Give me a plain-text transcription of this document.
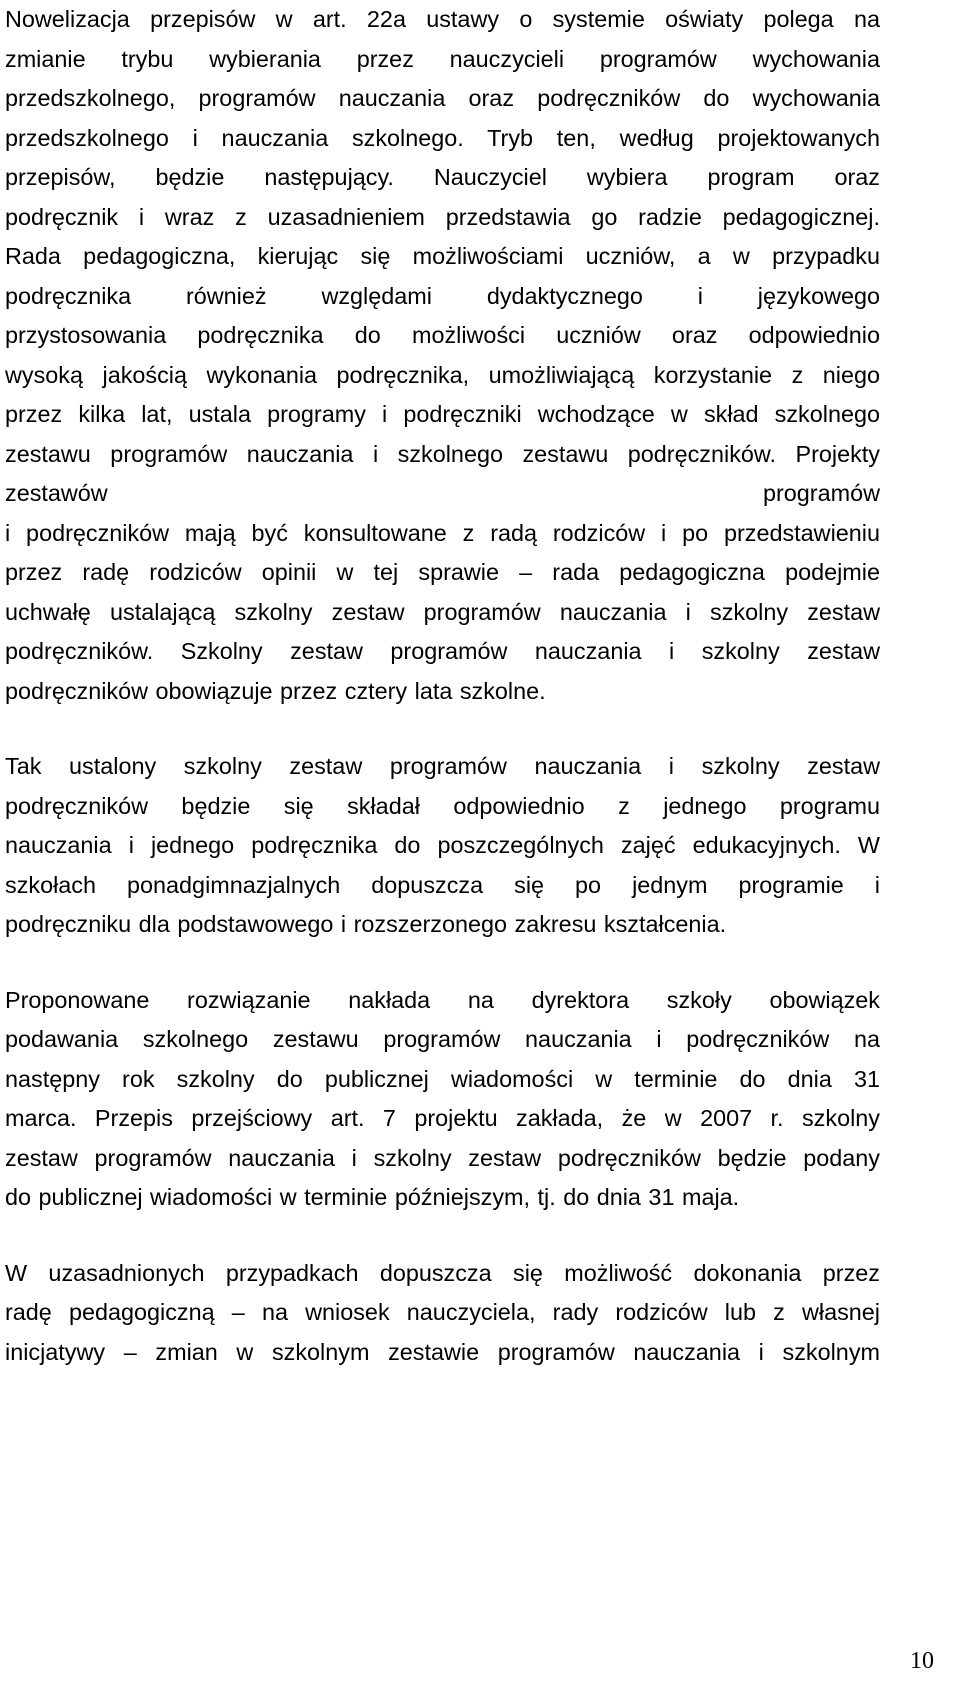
Nowelizacja przepisów w art. 22a ustawy o systemie oświaty polega na
zmianie trybu wybierania przez nauczycieli programów wychowania
przedszkolnego, programów nauczania oraz podręczników do wychowania
przedszkolnego i nauczania szkolnego. Tryb ten, według projektowanych
przepisów, będzie następujący. Nauczyciel wybiera program oraz
podręcznik i wraz z uzasadnieniem przedstawia go radzie pedagogicznej.
Rada pedagogiczna, kierując się możliwościami uczniów, a w przypadku
podręcznika również względami dydaktycznego i językowego
przystosowania podręcznika do możliwości uczniów oraz odpowiednio
wysoką jakością wykonania podręcznika, umożliwiającą korzystanie z niego
przez kilka lat, ustala programy i podręczniki wchodzące w skład szkolnego
zestawu programów nauczania i szkolnego zestawu podręczników. Projekty
zestawów programów
i podręczników mają być konsultowane z radą rodziców i po przedstawieniu
przez radę rodziców opinii w tej sprawie – rada pedagogiczna podejmie
uchwałę ustalającą szkolny zestaw programów nauczania i szkolny zestaw
podręczników. Szkolny zestaw programów nauczania i szkolny zestaw
podręczników obowiązuje przez cztery lata szkolne.

Tak ustalony szkolny zestaw programów nauczania i szkolny zestaw
podręczników będzie się składał odpowiednio z jednego programu
nauczania i jednego podręcznika do poszczególnych zajęć edukacyjnych. W
szkołach ponadgimnazjalnych dopuszcza się po jednym programie i
podręczniku dla podstawowego i rozszerzonego zakresu kształcenia.

Proponowane rozwiązanie nakłada na dyrektora szkoły obowiązek
podawania szkolnego zestawu programów nauczania i podręczników na
następny rok szkolny do publicznej wiadomości w terminie do dnia 31
marca. Przepis przejściowy art. 7 projektu zakłada, że w 2007 r. szkolny
zestaw programów nauczania i szkolny zestaw podręczników będzie podany
do publicznej wiadomości w terminie późniejszym, tj. do dnia 31 maja.

W uzasadnionych przypadkach dopuszcza się możliwość dokonania przez
radę pedagogiczną – na wniosek nauczyciela, rady rodziców lub z własnej
inicjatywy – zmian w szkolnym zestawie programów nauczania i szkolnym

10
